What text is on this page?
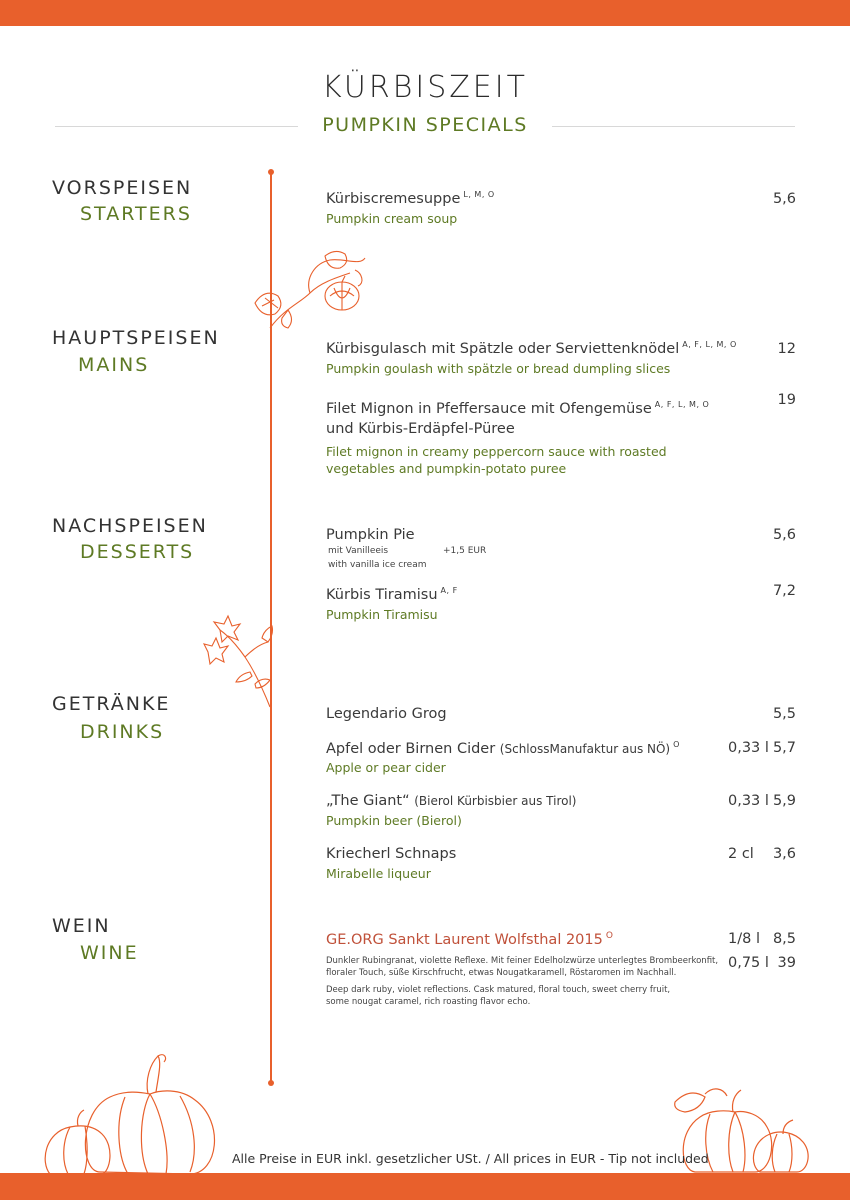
KÜRBISZEIT
PUMPKIN SPECIALS
VORSPEISEN
STARTERS
HAUPTSPEISEN
MAINS
NACHSPEISEN
DESSERTS
GETRÄNKE
DRINKS
WEIN
WINE
Kürbiscremesuppe $^{L, M, O}$
Pumpkin cream soup
5,6
Kürbisgulasch mit Spätzle oder Serviettenknödel $^{A, F, L, M, O}$
Pumpkin goulash with spätzle or bread dumpling slices
12
Filet Mignon in Pfeffersauce mit Ofengemüse $^{A, F, L, M, O}$
und Kürbis-Erdäpfel-Püree
Filet mignon in creamy peppercorn sauce with roasted
vegetables and pumpkin-potato puree
19
Pumpkin Pie
mit Vanilleeis	+1,5 EUR
with vanilla ice cream
5,6
Kürbis Tiramisu $^{A, F}$
Pumpkin Tiramisu
7,2
Legendario Grog	5,5
Apfel oder Birnen Cider (SchlossManufaktur aus NÖ) $^O$
Apple or pear cider
0,33 l 5,7
„The Giant“ (Bierol Kürbisbier aus Tirol)
Pumpkin beer (Bierol)
0,33 l 5,9
Kriecherl Schnaps
Mirabelle liqueur
2 cl 3,6
GE.ORG Sankt Laurent Wolfsthal 2015 $^O$
Dunkler Rubingranat, violette Reflexe. Mit feiner Edelholzwürze unterlegtes Brombeerkonfit,
floraler Touch, süße Kirschfrucht, etwas Nougatkaramell, Röstaromen im Nachhall.
Deep dark ruby, violet reflections. Cask matured, floral touch, sweet cherry fruit,
some nougat caramel, rich roasting flavor echo.
1/8 l 8,5
0,75 l 39
Alle Preise in EUR inkl. gesetzlicher USt. / All prices in EUR - Tip not included
